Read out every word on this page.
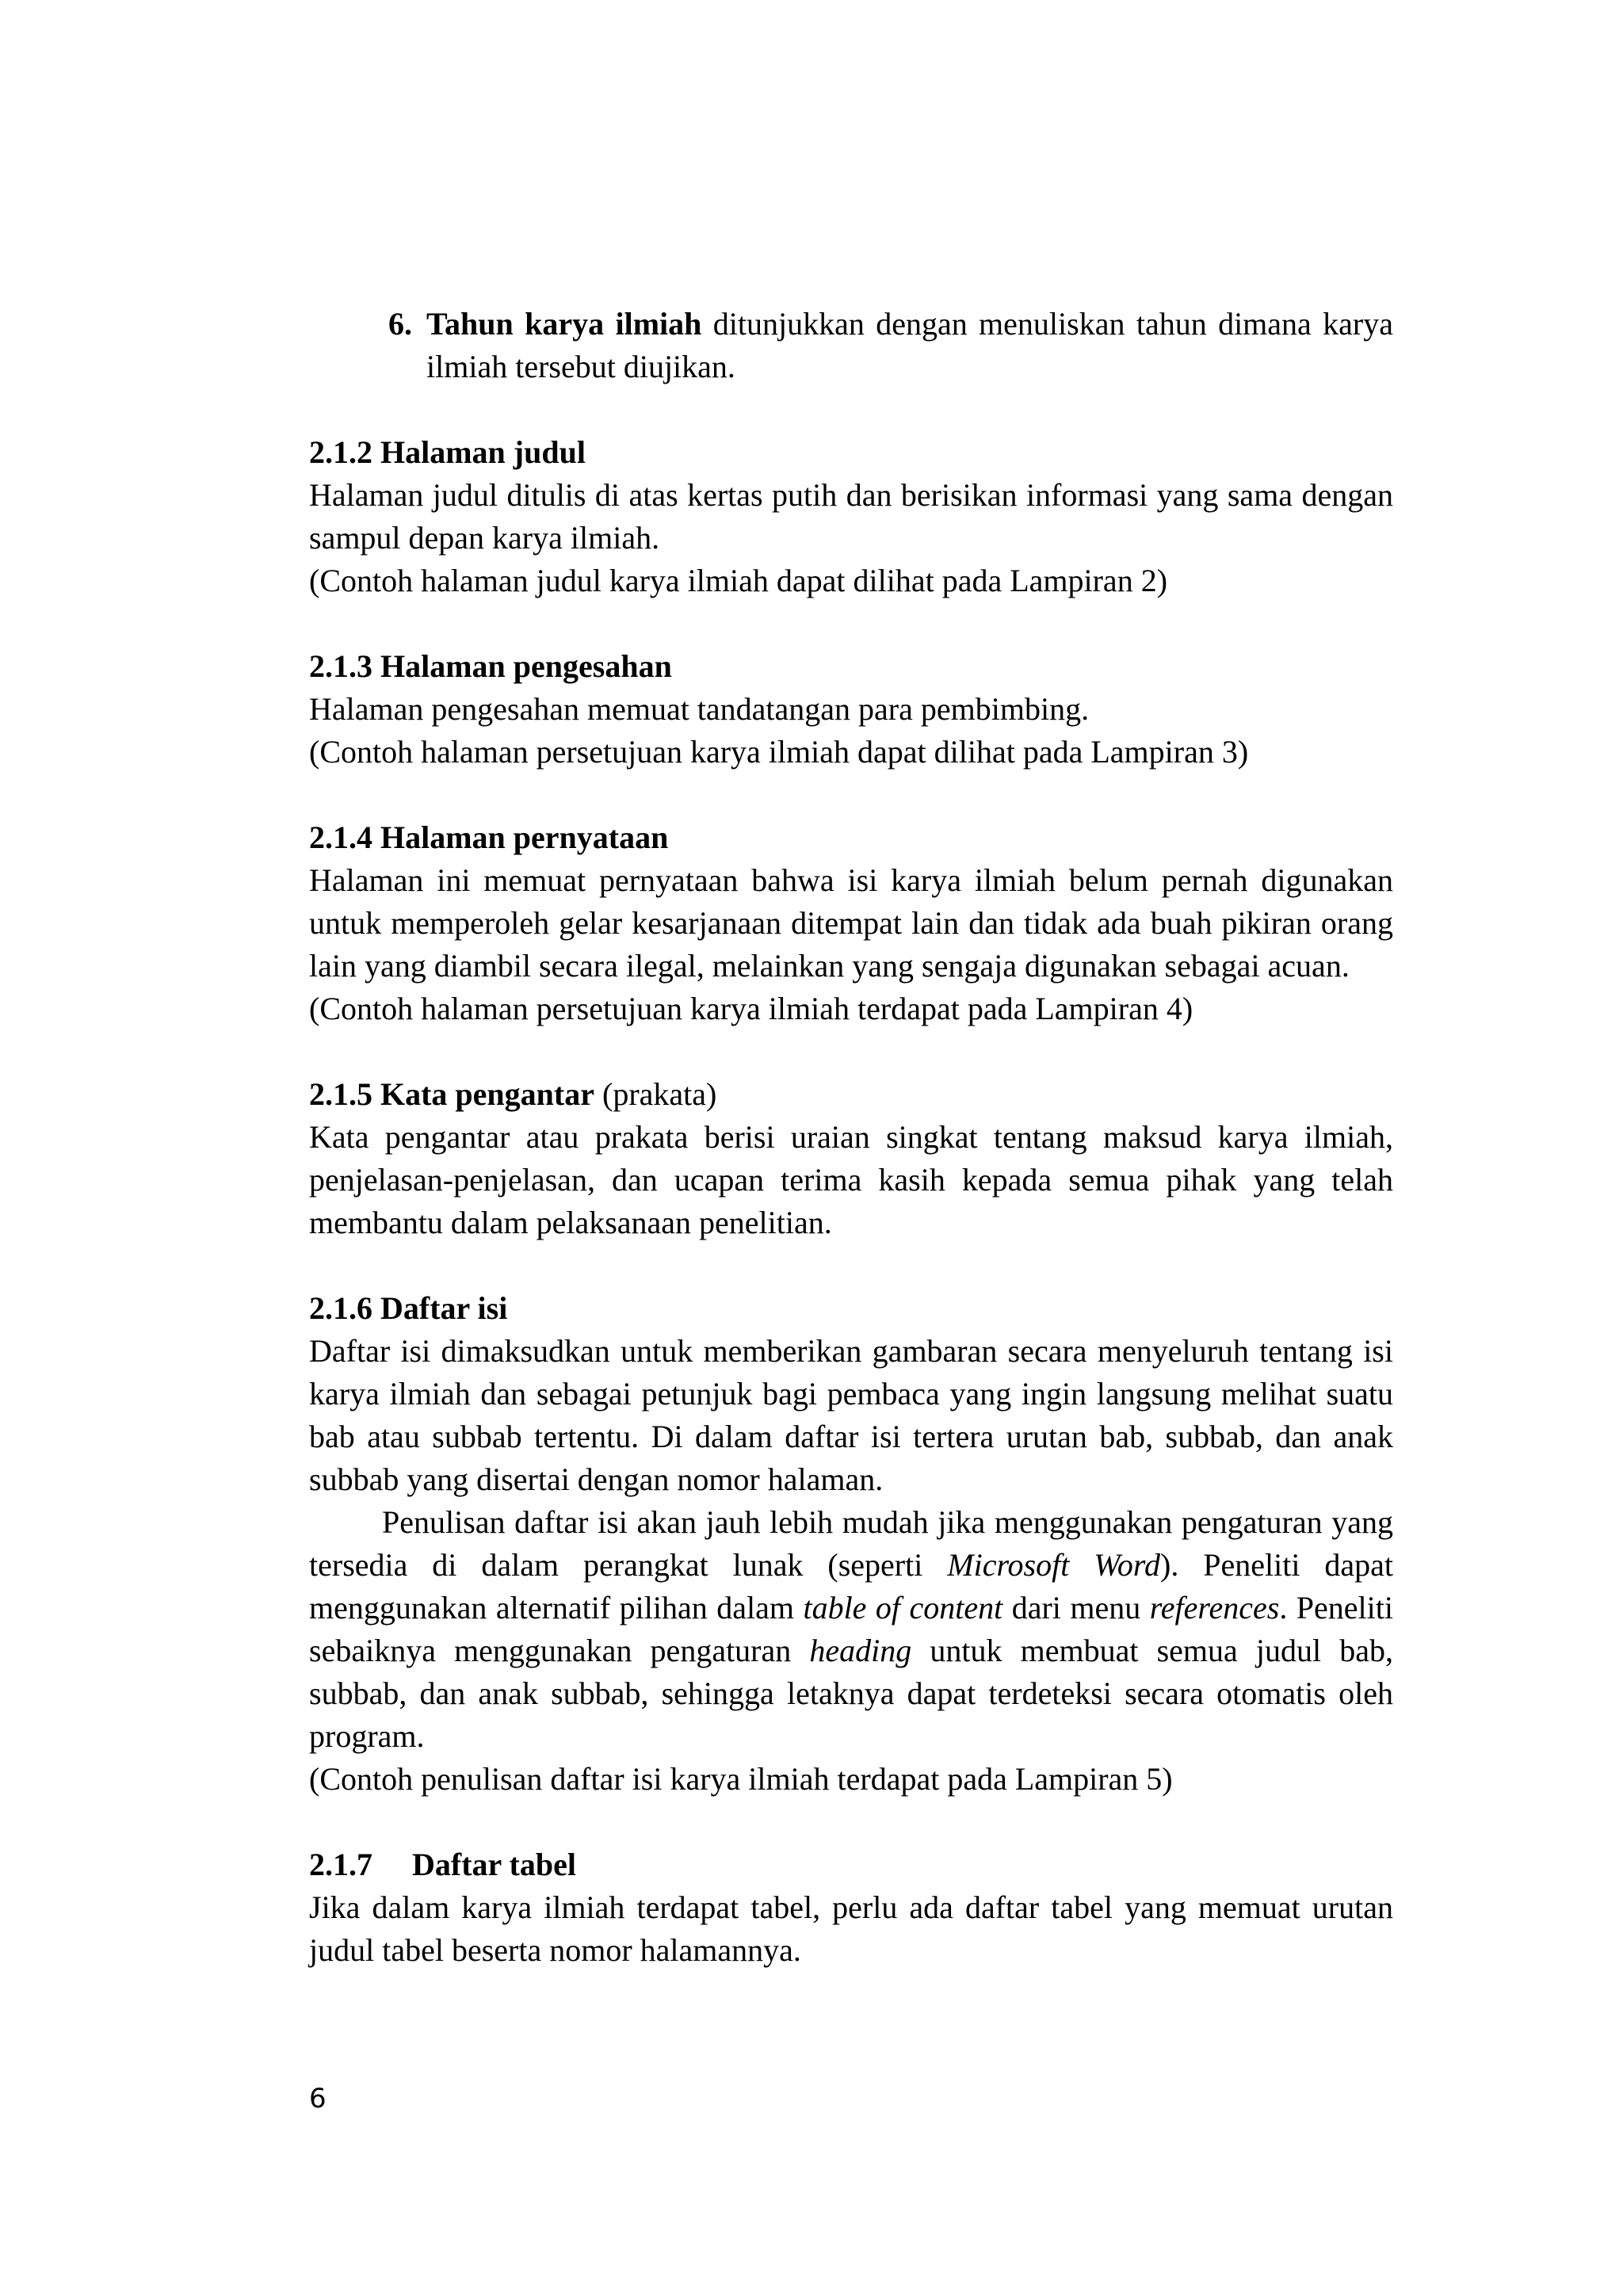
6. Tahun karya ilmiah ditunjukkan dengan menuliskan tahun dimana karya ilmiah tersebut diujikan.

2.1.2 Halaman judul

Halaman judul ditulis di atas kertas putih dan berisikan informasi yang sama dengan sampul depan karya ilmiah.

(Contoh halaman judul karya ilmiah dapat dilihat pada Lampiran 2)

2.1.3 Halaman pengesahan

Halaman pengesahan memuat tandatangan para pembimbing.

(Contoh halaman persetujuan karya ilmiah dapat dilihat pada Lampiran 3)

2.1.4 Halaman pernyataan

Halaman ini memuat pernyataan bahwa isi karya ilmiah belum pernah digunakan untuk memperoleh gelar kesarjanaan ditempat lain dan tidak ada buah pikiran orang lain yang diambil secara ilegal, melainkan yang sengaja digunakan sebagai acuan.

(Contoh halaman persetujuan karya ilmiah terdapat pada Lampiran 4)

2.1.5 Kata pengantar (prakata)

Kata pengantar atau prakata berisi uraian singkat tentang maksud karya ilmiah, penjelasan-penjelasan, dan ucapan terima kasih kepada semua pihak yang telah membantu dalam pelaksanaan penelitian.

2.1.6 Daftar isi

Daftar isi dimaksudkan untuk memberikan gambaran secara menyeluruh tentang isi karya ilmiah dan sebagai petunjuk bagi pembaca yang ingin langsung melihat suatu bab atau subbab tertentu. Di dalam daftar isi tertera urutan bab, subbab, dan anak subbab yang disertai dengan nomor halaman.

Penulisan daftar isi akan jauh lebih mudah jika menggunakan pengaturan yang tersedia di dalam perangkat lunak (seperti Microsoft Word). Peneliti dapat menggunakan alternatif pilihan dalam table of content dari menu references. Peneliti sebaiknya menggunakan pengaturan heading untuk membuat semua judul bab, subbab, dan anak subbab, sehingga letaknya dapat terdeteksi secara otomatis oleh program.

(Contoh penulisan daftar isi karya ilmiah terdapat pada Lampiran 5)

2.1.7 Daftar tabel

Jika dalam karya ilmiah terdapat tabel, perlu ada daftar tabel yang memuat urutan judul tabel beserta nomor halamannya.

6
